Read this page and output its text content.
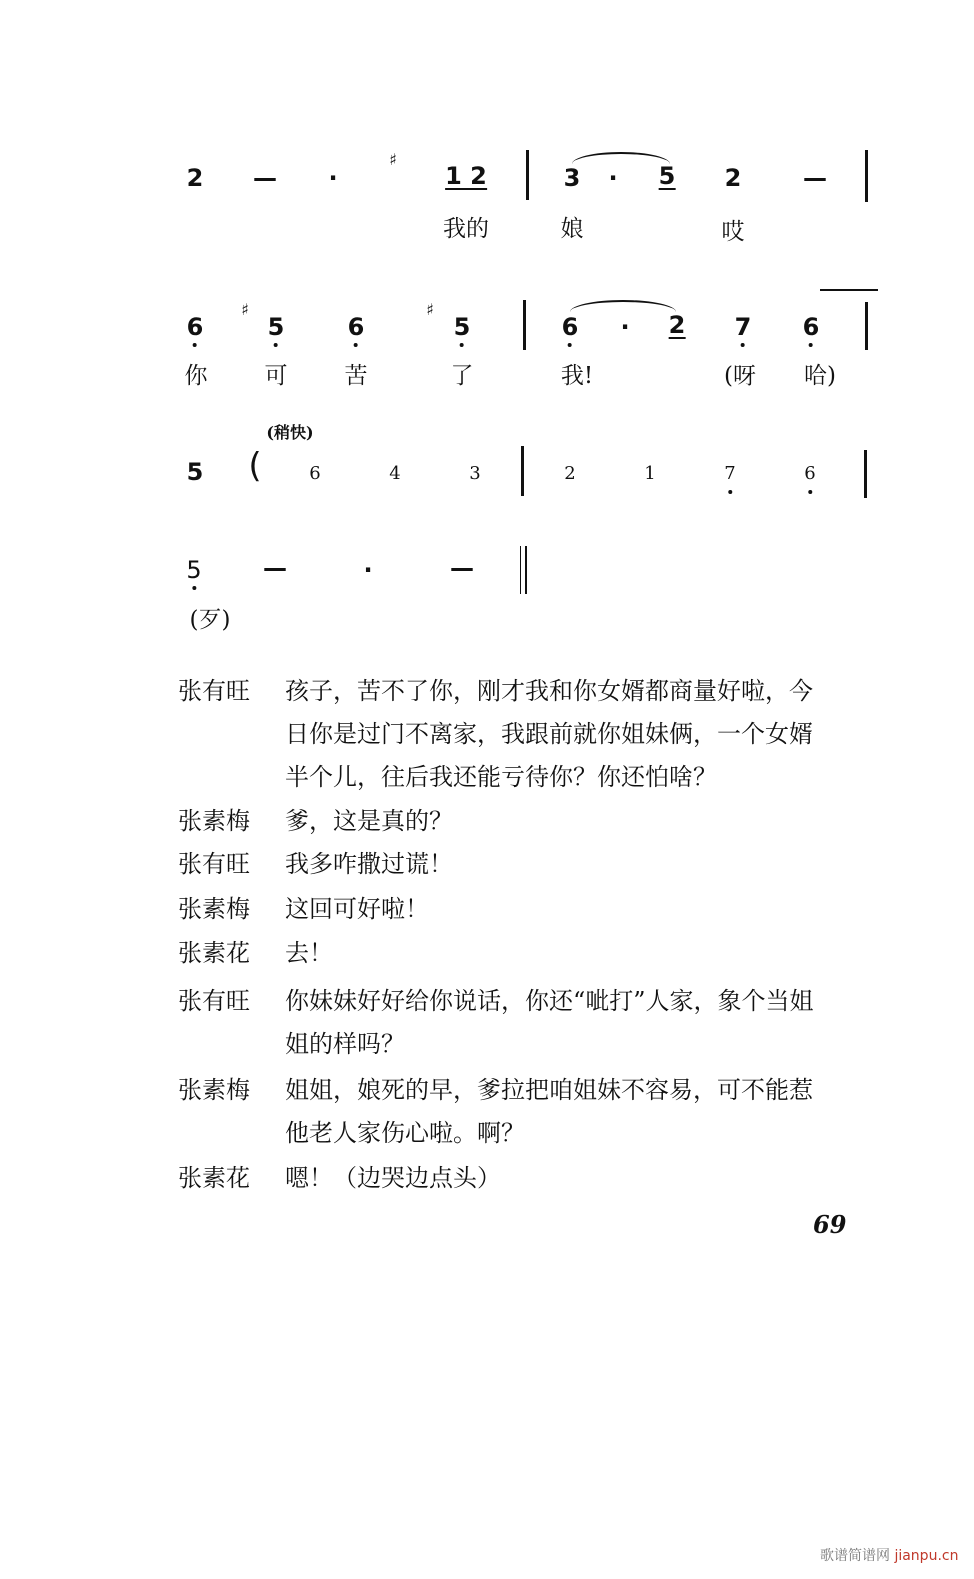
2 — ·
♯
1 2	3 · 5 2	—
我的	娘	哎
6
♯
5	6
♯
5	6 · 2 7 6
你 可 苦	了	我!	(呀 哈)
(稍快)
5 (	6	4	3	2	1	7	6
5	—	·	—
(歹)
张有旺 孩子，苦不了你，刚才我和你女婿都商量好啦，今
日你是过门不离家，我跟前就你姐妹俩，一个女婿
半个儿，往后我还能亏待你？你还怕啥？
张素梅 爹，这是真的？
张有旺 我多咋撒过谎！
张素梅 这回可好啦！
张素花 去！
张有旺 你妹妹好好给你说话，你还“呲打”人家，象个当姐
姐的样吗？
张素梅 姐姐，娘死的早，爹拉把咱姐妹不容易，可不能惹
他老人家伤心啦。啊？
张素花 嗯！（边哭边点头）
69
歌谱简谱网 jianpu.cn
